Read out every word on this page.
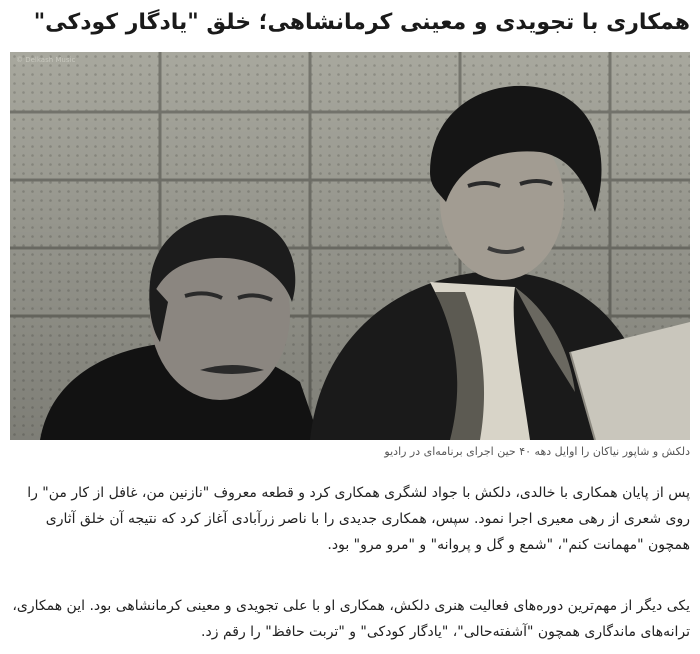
همکاری با تجویدی و معینی کرمانشاهی؛ خلق "یادگار کودکی"
© Delkash Music
دلکش و شاپور نیاکان را اوایل دهه ۴۰ حین اجرای برنامه‌ای در رادیو

پس از پایان همکاری با خالدی، دلکش با جواد لشگری همکاری کرد و قطعه معروف "نازنین من، غافل از کار من" را روی شعری از رهی معیری اجرا نمود. سپس، همکاری جدیدی را با ناصر زرآبادی آغاز کرد که نتیجه آن خلق آثاری همچون "مهمانت کنم"، "شمع و گل و پروانه" و "مرو مرو" بود.

یکی دیگر از مهم‌ترین دوره‌های فعالیت هنری دلکش، همکاری او با علی تجویدی و معینی کرمانشاهی بود. این همکاری، ترانه‌های ماندگاری همچون "آشفته‌حالی"، "یادگار کودکی" و "تربت حافظ" را رقم زد.
